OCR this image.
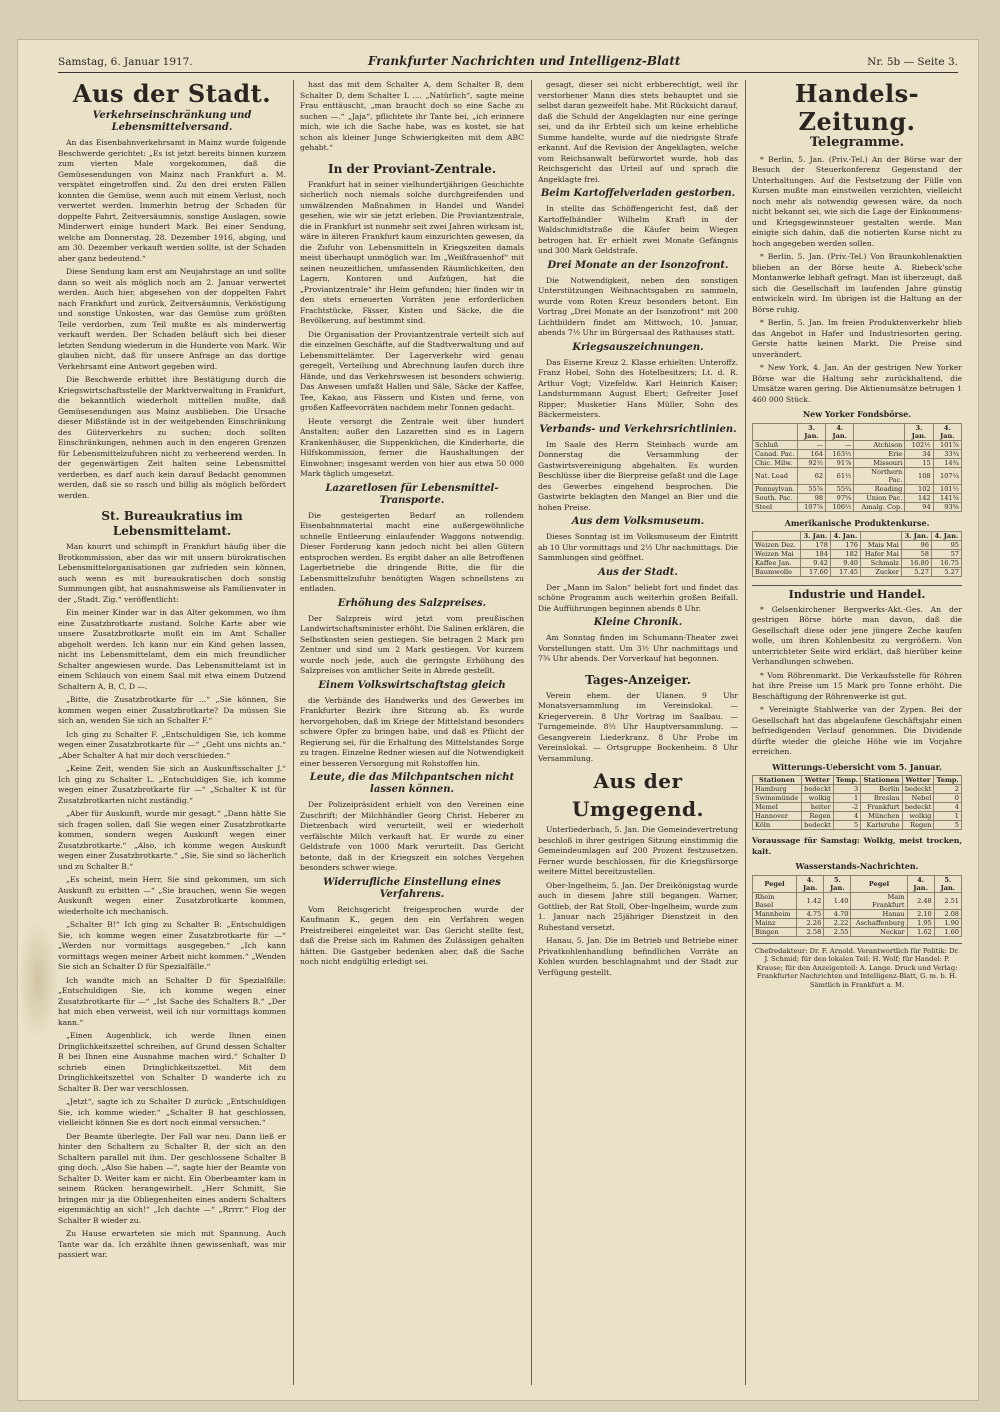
Samstag, 6. Januar 1917.	Frankfurter Nachrichten und Intelligenz-Blatt	Nr. 5b — Seite 3.
Aus der Stadt.
Verkehrseinschränkung und Lebensmittelversand.

An das Eisenbahnverkehrsamt in Mainz wurde folgende Beschwerde gerichtet: „Es ist jetzt bereits binnen kurzem zum vierten Male vorgekommen, daß die Gemüsesendungen von Mainz nach Frankfurt a. M. verspätet eingetroffen sind. Zu den drei ersten Fällen konnten die Gemüse, wenn auch mit einem Verlust, noch verwertet werden. Immerhin betrug der Schaden für doppelte Fahrt, Zeitversäumnis, sonstige Auslagen, sowie Minderwert einige hundert Mark. Bei einer Sendung, welche am Donnerstag, 28. Dezember 1916, abging, und am 30. Dezember verkauft werden sollte, ist der Schaden aber ganz bedeutend.“

Diese Sendung kam erst am Neujahrstage an und sollte dann so weit als möglich noch am 2. Januar verwertet werden. Auch hier, abgesehen von der doppelten Fahrt nach Frankfurt und zurück, Zeitversäumnis, Verköstigung und sonstige Unkosten, war das Gemüse zum größten Teile verdorben, zum Teil mußte es als minderwertig verkauft werden. Der Schaden beläuft sich bei dieser letzten Sendung wiederum in die Hunderte von Mark. Wir glauben nicht, daß für unsere Anfrage an das dortige Verkehrsamt eine Antwort gegeben wird.

Die Beschwerde erbittet ihre Bestätigung durch die Kriegswirtschaftsstelle der Marktverwaltung in Frankfurt, die bekanntlich wiederholt mittellen mußte, daß Gemüsesendungen aus Mainz ausblieben. Die Ursache dieser Mißstände ist in der weitgehenden Einschränkung des Güterverkehrs zu suchen; doch sollten Einschränkungen, nehmen auch in den engeren Grenzen für Lebensmittelzufuhren nicht zu verheerend werden. In der gegenwärtigen Zeit halten seine Lebensmittel verderben, es darf auch kein darauf Bedacht genommen werden, daß sie so rasch und billig als möglich befördert werden.

St. Bureaukratius im Lebensmittelamt.

Man knurrt und schimpft in Frankfurt häufig über die Brotkommission, aber das wir mit unsern bürokratischen Lebensmittelorganisationen gar zufrieden sein können, auch wenn es mit bureaukratischen doch sonstig Summungen gibt, hat ausnahmsweise als Familienvater in der „Stadt. Zig.“ veröffentlicht:

Ein meiner Kinder war in das Alter gekommen, wo ihm eine Zusatzbrotkarte zustand. Solche Karte aber wie unsere Zusatzbrotkarte mußt ein im Amt Schaller abgeholt werden. Ich kann nur ein Kind gehen lassen, nicht ins Lebensmittelamt, dem ein mich freundlicher Schalter angewiesen wurde. Das Lebensmittelamt ist in einem Schlauch von einem Saal mit etwa einem Dutzend Schaltern A, B, C, D —.

„Bitte, die Zusatzbrotkarte für ...“ „Sie können, Sie kommen wegen einer Zusatzbrotkarte? Da müssen Sie sich an, wenden Sie sich an Schalter F.“

Ich ging zu Schalter F. „Entschuldigen Sie, ich komme wegen einer Zusatzbrotkarte für —“ „Geht uns nichts an.“ „Aber Schalter A hat mir doch verschieden.“

„Keine Zeit, wenden Sie sich an Auskunftsschalter J.“ Ich ging zu Schalter L. „Entschuldigen Sie, ich komme wegen einer Zusatzbrotkarte für —“ „Schalter K ist für Zusatzbrotkarten nicht zuständig.“

„Aber für Auskunft, wurde mir gesagt.“ „Dann hätte Sie sich fragen sollen, daß Sie wegen einer Zusatzbrotkarte kommen, sondern wegen Auskunft wegen einer Zusatzbrotkarte.“ „Also, ich komme wegen Auskunft wegen einer Zusatzbrotkarte.“ „Sie, Sie sind so lächerlich und zu Schalter B.“

„Es scheint, mein Herr, Sie sind gekommen, um sich Auskunft zu erbitten —“ „Sie brauchen, wenn Sie wegen Auskunft wegen einer Zusatzbrotkarte kommen, wiederholte ich mechanisch.

„Schalter B!“ Ich ging zu Schalter B: „Entschuldigen Sie, ich komme wegen einer Zusatzbrotkarte für —“ „Werden nur vormittags ausgegeben.“ „Ich kann vormittags wegen meiner Arbeit nicht kommen.“ „Wenden Sie sich an Schalter D für Spezialfälle.“

Ich wandte mich an Schalter D für Spezialfälle: „Entschuldigen Sie, ich komme wegen einer Zusatzbrotkarte für —“ „Ist Sache des Schalters B.“ „Der hat mich eben verweist, weil ich nur vormittags kommen kann.“

„Einen Augenblick, ich werde Ihnen einen Dringlichkeitszettel schreiben, auf Grund dessen Schalter B bei Ihnen eine Ausnahme machen wird.“ Schalter D schrieb einen Dringlichkeitszettel. Mit dem Dringlichkeitszettel von Schalter D wanderte ich zu Schalter B. Der war verschlossen.

„Jetzt“, sagte ich zu Schalter D zurück: „Entschuldigen Sie, ich komme wieder.“ „Schalter B hat geschlossen, vielleicht können Sie es dort noch einmal versuchen.“

Der Beamte überlegte. Der Fall war neu. Dann ließ er hinter den Schaltern zu Schalter B, der sich an den Schaltern parallel mit ihm. Der geschlossene Schalter B ging doch. „Also Sie haben —“, sagte hier der Beamte von Schalter D. Weiter kam er nicht. Ein Oberbeamter kam in seinem Rücken herangewirbelt. „Herr Schmitt, Sie bringen mir ja die Obliegenheiten eines andern Schalters eigenmächtig an sich!“ „Ich dachte —“ „Rrrrr.“ Flog der Schalter B wieder zu.

Zu Hause erwarteten sie mich mit Spannung. Auch Tante war da. Ich erzählte ihnen gewissenhaft, was mir passiert war.

hast das mit dem Schalter A, dem Schalter B, dem Schalter D, dem Schalter L .... „Natürlich“, sagte meine Frau enttäuscht, „man braucht doch so eine Sache zu suchen —.“ „Jaja“, pflichtete ihr Tante bei, „ich erinnere mich, wie ich die Sache habe, was es kostet, sie hat schon als kleiner Junge Schwierigkeiten mit dem ABC gehabt.“

In der Proviant-Zentrale.

Frankfurt hat in seiner vielhundertjährigen Geschichte sicherlich noch niemals solche durchgreifenden und umwälzenden Maßnahmen in Handel und Wandel gesehen, wie wir sie jetzt erleben. Die Proviantzentrale, die in Frankfurt ist nunmehr seit zwei Jahren wirksam ist, wäre in älteren Frankfurt kaum einzurichten gewesen, da die Zufuhr von Lebensmitteln in Kriegszeiten damals meist überhaupt unmöglich war. Im „Weißfrauenhof“ mit seinen neuzeitlichen, umfassenden Räumlichkeiten, den Lagern, Kontoren und Aufzügen, hat die „Proviantzentrale“ ihr Heim gefunden; hier finden wir in den stets erneuerten Vorräten jene erforderlichen Frachtstücke, Fässer, Kisten und Säcke, die die Bevölkerung, auf bestimmt sind.

Die Organisation der Proviantzentrale verteilt sich auf die einzelnen Geschäfte, auf die Stadtverwaltung und auf Lebensmittelämter. Der Lagerverkehr wird genau geregelt, Verteilung und Abrechnung laufen durch ihre Hände, und das Verkehrswesen ist besonders schwierig. Das Anwesen umfaßt Hallen und Säle, Säcke der Kaffee, Tee, Kakao, aus Fässern und Kisten und ferne, von großen Kaffeevorräten nachdem mehr Tonnen gedacht.

Heute versorgt die Zentrale weit über hundert Anstalten; außer den Lazaretten sind es in Lagern Krankenhäuser, die Suppenküchen, die Kinderhorte, die Hilfskommission, ferner die Haushaltungen der Einwohner; insgesamt werden von hier aus etwa 50 000 Mark täglich umgesetzt.

Lazaretlosen für Lebensmittel-Transporte.

Die gesteigerten Bedarf an rollendem Eisenbahnmaterial macht eine außergewöhnliche schnelle Entleerung einlaufender Waggons notwendig. Dieser Forderung kann jedoch nicht bei allen Gütern entsprochen werden. Es ergibt daher an alle Betroffenen Lagerbetriebe die dringende Bitte, die für die Lebensmittelzufuhr benötigten Wagen schnellstens zu entladen.

Erhöhung des Salzpreises.

Der Salzpreis wird jetzt vom preußischen Landwirtschaftsminister erhöht. Die Salinen erklären, die Selbstkosten seien gestiegen. Sie betragen 2 Mark pro Zentner und sind um 2 Mark gestiegen. Vor kurzem wurde noch jede, auch die geringste Erhöhung des Salzpreises von amtlicher Seite in Abrede gestellt.

Einem Volkswirtschaftstag gleich

die Verbände des Handwerks und des Gewerbes im Frankfurter Bezirk ihre Sitzung ab. Es wurde hervorgehoben, daß im Kriege der Mittelstand besonders schwere Opfer zu bringen habe, und daß es Pflicht der Regierung sei, für die Erhaltung des Mittelstandes Sorge zu tragen. Einzelne Redner wiesen auf die Notwendigkeit einer besseren Versorgung mit Rohstoffen hin.

Leute, die das Milchpantschen nicht lassen können.

Der Polizeipräsident erhielt von den Vereinen eine Zuschrift; der Milchhändler Georg Christ. Heberer zu Dietzenbach wird verurteilt, weil er wiederholt verfälschte Milch verkauft hat. Er wurde zu einer Geldstrafe von 1000 Mark verurteilt. Das Gericht betonte, daß in der Kriegszeit ein solches Vergehen besonders schwer wiege.

Widerrufliche Einstellung eines Verfahrens.

Vom Reichsgericht freigesprochen wurde der Kaufmann K., gegen den ein Verfahren wegen Preistreiberei eingeleitet war. Das Gericht stellte fest, daß die Preise sich im Rahmen des Zulässigen gehalten hätten. Die Gastgeber bedenken aber, daß die Sache noch nicht endgültig erledigt sei.

gesagt, dieser sei nicht erbberechtigt, weil ihr verstorbener Mann dies stets behauptet und sie selbst daran gezweifelt habe. Mit Rücksicht darauf, daß die Schuld der Angeklagten nur eine geringe sei, und da ihr Erbteil sich um keine erhebliche Summe handelte, wurde auf die niedrigste Strafe erkannt. Auf die Revision der Angeklagten, welche vom Reichsanwalt befürwortet wurde, hob das Reichsgericht das Urteil auf und sprach die Angeklagte frei.

Beim Kartoffelverladen gestorben.

In stellte das Schöffengericht fest, daß der Kartoffelhändler Wilhelm Kraft in der Waldschmidtstraße die Käufer beim Wiegen betrogen hat. Er erhielt zwei Monate Gefängnis und 300 Mark Geldstrafe.

Drei Monate an der Isonzofront.

Die Notwendigkeit, neben den sonstigen Unterstützungen Weihnachtsgaben zu sammeln, wurde vom Roten Kreuz besonders betont. Ein Vortrag „Drei Monate an der Isonzofront“ mit 200 Lichtbildern findet am Mittwoch, 10. Januar, abends 7½ Uhr im Bürgersaal des Rathauses statt.

Kriegsauszeichnungen.

Das Eiserne Kreuz 2. Klasse erhielten: Unteroffz. Franz Hobel, Sohn des Hotelbesitzers; Lt. d. R. Arthur Vogt; Vizefeldw. Karl Heinrich Kaiser; Landsturmmann August Ebert; Gefreiter Josef Ripper; Musketier Hans Müller, Sohn des Bäckermeisters.

Verbands- und Verkehrsrichtlinien.

Im Saale des Herrn Steinbach wurde am Donnerstag die Versammlung der Gastwirtsvereinigung abgehalten. Es wurden Beschlüsse über die Bierpreise gefaßt und die Lage des Gewerbes eingehend besprochen. Die Gastwirte beklagten den Mangel an Bier und die hohen Preise.

Aus dem Volksmuseum.

Dieses Sonntag ist im Volksmuseum der Eintritt ab 10 Uhr vormittags und 2½ Uhr nachmittags. Die Sammlungen sind geöffnet.

Aus der Stadt.

Der „Mann im Salon“ beliebt fort und findet das schöne Programm auch weiterhin großen Beifall. Die Aufführungen beginnen abends 8 Uhr.

Kleine Chronik.

Am Sonntag finden im Schumann-Theater zwei Vorstellungen statt. Um 3½ Uhr nachmittags und 7¾ Uhr abends. Der Vorverkauf hat begonnen.

Tages-Anzeiger.

Verein ehem. der Ulanen. 9 Uhr Monatsversammlung im Vereinslokal. — Kriegerverein. 8 Uhr Vortrag im Saalbau. — Turngemeinde. 8½ Uhr Hauptversammlung. — Gesangverein Liederkranz. 8 Uhr Probe im Vereinslokal. — Ortsgruppe Bockenheim. 8 Uhr Versammlung.

Aus der Umgegend.

Unterliederbach, 5. Jan. Die Gemeindevertretung beschloß in ihrer gestrigen Sitzung einstimmig die Gemeindeumlagen auf 200 Prozent festzusetzen. Ferner wurde beschlossen, für die Kriegsfürsorge weitere Mittel bereitzustellen.

Ober-Ingelheim, 5. Jan. Der Dreikönigstag wurde auch in diesem Jahre still begangen. Warner, Gottlieb, der Rat Stoll, Ober-Ingelheim, wurde zum 1. Januar nach 25jähriger Dienstzeit in den Ruhestand versetzt.

Hanau, 5. Jan. Die im Betrieb und Betriebe einer Privatkohlenhandlung befindlichen Vorräte an Kohlen wurden beschlagnahmt und der Stadt zur Verfügung gestellt.

Handels-Zeitung.
Telegramme.

* Berlin, 5. Jan. (Priv.-Tel.) An der Börse war der Besuch der Steuerkonferenz Gegenstand der Unterhaltungen. Auf die Festsetzung der Fülle von Kursen mußte man einstweilen verzichten, vielleicht noch mehr als notwendig gewesen wäre, da noch nicht bekannt sei, wie sich die Lage der Einkommens- und Kriegsgewinnsteuer gestalten werde. Man einigte sich dahin, daß die notierten Kurse nicht zu hoch angegeben werden sollen.

* Berlin, 5. Jan. (Priv.-Tel.) Von Braunkohlenaktien blieben an der Börse heute A. Riebeck'sche Montanwerke lebhaft gefragt. Man ist überzeugt, daß sich die Gesellschaft im laufenden Jahre günstig entwickeln wird. Im übrigen ist die Haltung an der Börse ruhig.

* Berlin, 5. Jan. Im freien Produktenverkehr blieb das Angebot in Hafer und Industriesorten gering. Gerste hatte keinen Markt. Die Preise sind unverändert.

* New York, 4. Jan. An der gestrigen New Yorker Börse war die Haltung sehr zurückhaltend, die Umsätze waren gering. Die Aktienumsätze betrugen 1 460 000 Stück.

New Yorker Fondsbörse.
	3. Jan.	4. Jan.		3. Jan.	4. Jan.
Schluß	—	—	Atchison	102½	101⅞
Canad. Pac.	164	163½	Erie	34	33¾
Chic. Milw.	92½	91⅞	Missouri	15	14¾
Nat. Lead	62	61½	Northern Pac.	108	107¼
Pennsylvan.	55⅞	55¾	Reading	102	101½
South. Pac.	98	97⅝	Union Pac.	142	141⅜
Steel	107⅞	106½	Amalg. Cop.	94	93⅝
Amerikanische Produktenkurse.
	3. Jan.	4. Jan.		3. Jan.	4. Jan.
Weizen Dez.	178	176	Mais Mai	96	95
Weizen Mai	184	182	Hafer Mai	58	57
Kaffee Jan.	9.42	9.40	Schmalz	16.80	16.75
Baumwolle	17.60	17.45	Zucker	5.27	5.27
Industrie und Handel.

* Gelsenkirchener Bergwerks-Akt.-Ges. An der gestrigen Börse hörte man davon, daß die Gesellschaft diese oder jene jüngere Zeche kaufen wolle, um ihren Kohlenbesitz zu vergrößern. Von unterrichteter Seite wird erklärt, daß hierüber keine Verhandlungen schweben.

* Vom Röhrenmarkt. Die Verkaufsstelle für Röhren hat ihre Preise um 15 Mark pro Tonne erhöht. Die Beschäftigung der Röhrenwerke ist gut.

* Vereinigte Stahlwerke van der Zypen. Bei der Gesellschaft hat das abgelaufene Geschäftsjahr einen befriedigenden Verlauf genommen. Die Dividende dürfte wieder die gleiche Höhe wie im Vorjahre erreichen.

Witterungs-Uebersicht vom 5. Januar.
Stationen	Wetter	Temp.	Stationen	Wetter	Temp.
Hamburg	bedeckt	3	Berlin	bedeckt	2
Swinemünde	wolkig	1	Breslau	Nebel	0
Memel	heiter	-2	Frankfurt	bedeckt	4
Hannover	Regen	4	München	wolkig	1
Köln	bedeckt	5	Karlsruhe	Regen	5

Voraussage für Samstag: Wolkig, meist trocken, kalt.

Wasserstands-Nachrichten.
Pegel	4. Jan.	5. Jan.	Pegel	4. Jan.	5. Jan.
Rhein Basel	1.42	1.40	Main Frankfurt	2.48	2.51
Mannheim	4.75	4.70	Hanau	2.10	2.08
Mainz	2.26	2.22	Aschaffenburg	1.95	1.90
Bingen	2.58	2.55	Neckar	1.62	1.60
Chefredakteur: Dr. F. Arnold. Verantwortlich für Politik: Dr. J. Schmid; für den lokalen Teil: H. Wolf; für Handel: P. Krause; für den Anzeigenteil: A. Lange. Druck und Verlag: Frankfurter Nachrichten und Intelligenz-Blatt, G. m. b. H. Sämtlich in Frankfurt a. M.
